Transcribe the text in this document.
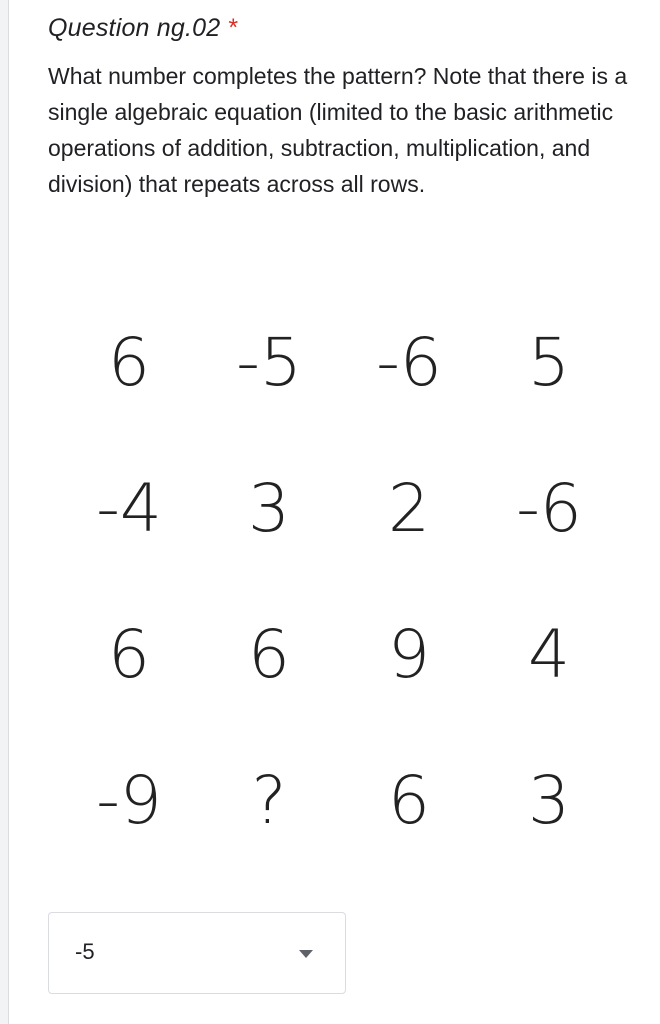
Question ng.02 *
What number completes the pattern? Note that there is a single algebraic equation (limited to the basic arithmetic operations of addition, subtraction, multiplication, and division) that repeats across all rows.
6	-5	-6	5
-4	3	2	-6
6	6	9	4
-9	?	6	3
-5
